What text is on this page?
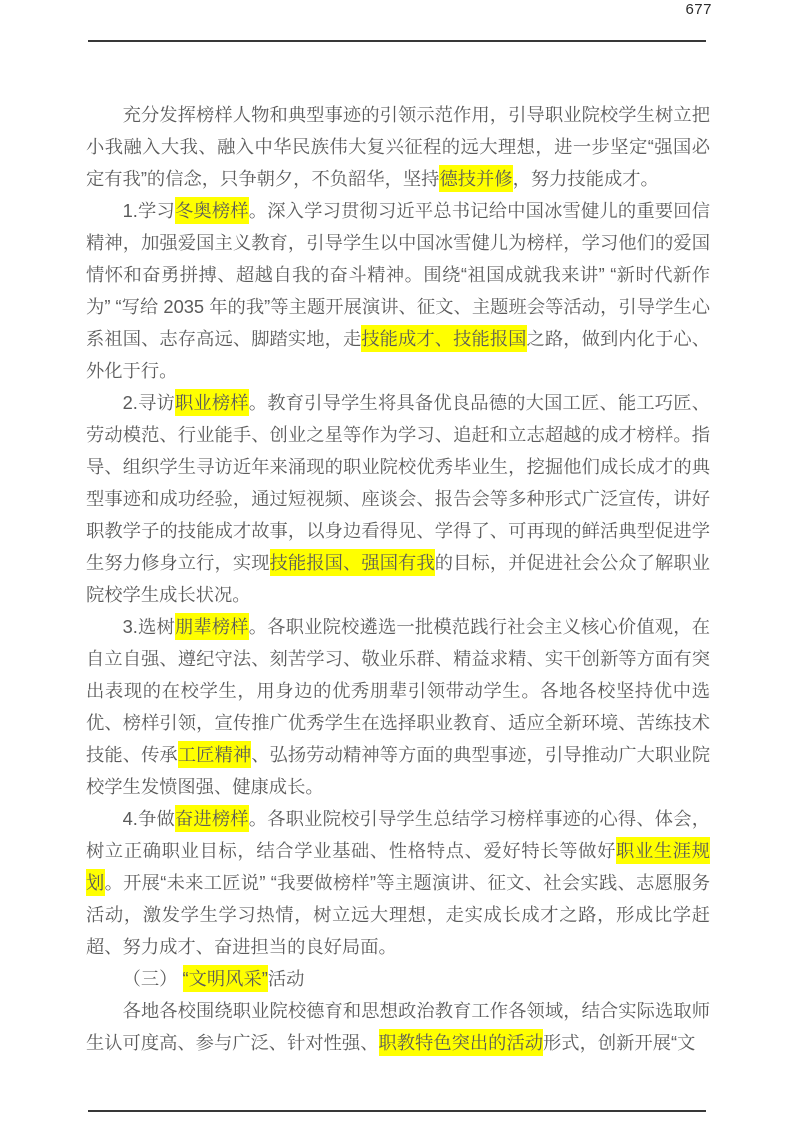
677

充分发挥榜样人物和典型事迹的引领示范作用，引导职业院校学生树立把小我融入大我、融入中华民族伟大复兴征程的远大理想，进一步坚定“强国必定有我”的信念，只争朝夕，不负韶华，坚持德技并修，努力技能成才。

1.学习冬奥榜样。深入学习贯彻习近平总书记给中国冰雪健儿的重要回信精神，加强爱国主义教育，引导学生以中国冰雪健儿为榜样，学习他们的爱国情怀和奋勇拼搏、超越自我的奋斗精神。围绕“祖国成就我来讲” “新时代新作为” “写给 2035 年的我”等主题开展演讲、征文、主题班会等活动，引导学生心系祖国、志存高远、脚踏实地，走技能成才、技能报国之路，做到内化于心、外化于行。

2.寻访职业榜样。教育引导学生将具备优良品德的大国工匠、能工巧匠、劳动模范、行业能手、创业之星等作为学习、追赶和立志超越的成才榜样。指导、组织学生寻访近年来涌现的职业院校优秀毕业生，挖掘他们成长成才的典型事迹和成功经验，通过短视频、座谈会、报告会等多种形式广泛宣传，讲好职教学子的技能成才故事，以身边看得见、学得了、可再现的鲜活典型促进学生努力修身立行，实现技能报国、强国有我的目标，并促进社会公众了解职业院校学生成长状况。

3.选树朋辈榜样。各职业院校遴选一批模范践行社会主义核心价值观，在自立自强、遵纪守法、刻苦学习、敬业乐群、精益求精、实干创新等方面有突出表现的在校学生，用身边的优秀朋辈引领带动学生。各地各校坚持优中选优、榜样引领，宣传推广优秀学生在选择职业教育、适应全新环境、苦练技术技能、传承工匠精神、弘扬劳动精神等方面的典型事迹，引导推动广大职业院校学生发愤图强、健康成长。

4.争做奋进榜样。各职业院校引导学生总结学习榜样事迹的心得、体会，树立正确职业目标，结合学业基础、性格特点、爱好特长等做好职业生涯规划。开展“未来工匠说” “我要做榜样”等主题演讲、征文、社会实践、志愿服务活动，激发学生学习热情，树立远大理想，走实成长成才之路，形成比学赶超、努力成才、奋进担当的良好局面。

（三） “文明风采”活动

各地各校围绕职业院校德育和思想政治教育工作各领域，结合实际选取师生认可度高、参与广泛、针对性强、职教特色突出的活动形式，创新开展“文
